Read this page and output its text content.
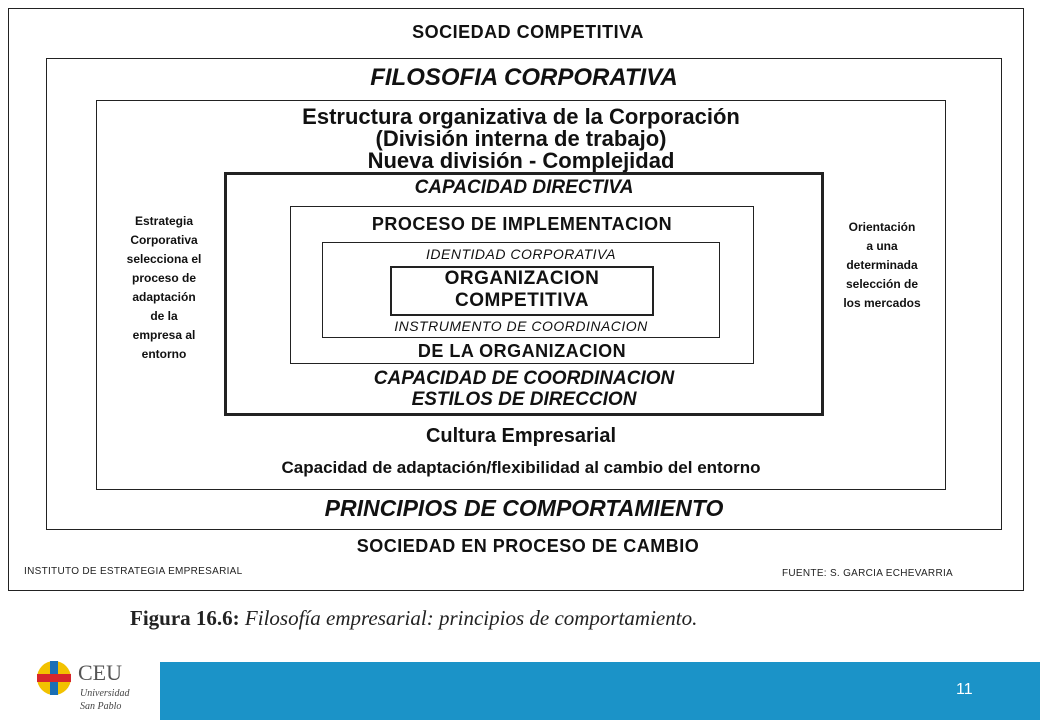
SOCIEDAD COMPETITIVA
FILOSOFIA CORPORATIVA
Estructura organizativa de la Corporación
(División interna de trabajo)
Nueva división - Complejidad
Estrategia
Corporativa
selecciona el
proceso de
adaptación
de la
empresa al
entorno
Orientación
a una
determinada
selección de
los mercados
CAPACIDAD DIRECTIVA
PROCESO DE IMPLEMENTACION
IDENTIDAD CORPORATIVA
ORGANIZACION
COMPETITIVA
INSTRUMENTO DE COORDINACION
DE LA ORGANIZACION
CAPACIDAD DE COORDINACION
ESTILOS DE DIRECCION
Cultura Empresarial
Capacidad de adaptación/flexibilidad al cambio del entorno
PRINCIPIOS DE COMPORTAMIENTO
SOCIEDAD EN PROCESO DE CAMBIO
INSTITUTO DE ESTRATEGIA EMPRESARIAL	FUENTE: S. GARCIA ECHEVARRIA
Figura 16.6: Filosofía empresarial: principios de comportamiento.
CEU
Universidad
San Pablo
11
